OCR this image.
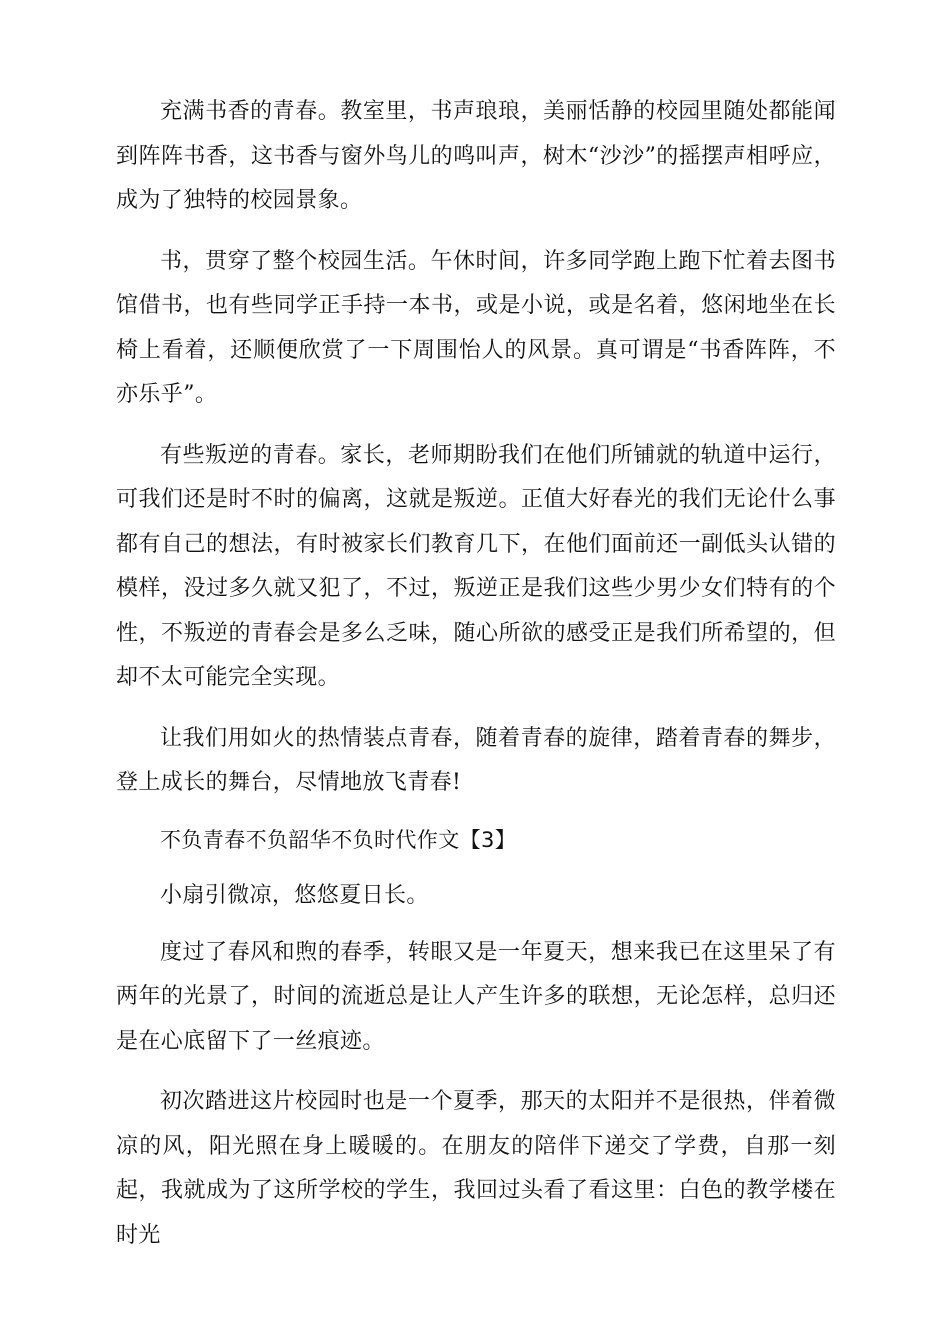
充满书香的青春。教室里，书声琅琅，美丽恬静的校园里随处都能闻到阵阵书香，这书香与窗外鸟儿的鸣叫声，树木“沙沙”的摇摆声相呼应，成为了独特的校园景象。

书，贯穿了整个校园生活。午休时间，许多同学跑上跑下忙着去图书馆借书，也有些同学正手持一本书，或是小说，或是名着，悠闲地坐在长椅上看着，还顺便欣赏了一下周围怡人的风景。真可谓是“书香阵阵，不亦乐乎”。

有些叛逆的青春。家长，老师期盼我们在他们所铺就的轨道中运行，可我们还是时不时的偏离，这就是叛逆。正值大好春光的我们无论什么事都有自己的想法，有时被家长们教育几下，在他们面前还一副低头认错的模样，没过多久就又犯了，不过，叛逆正是我们这些少男少女们特有的个性，不叛逆的青春会是多么乏味，随心所欲的感受正是我们所希望的，但却不太可能完全实现。

让我们用如火的热情装点青春，随着青春的旋律，踏着青春的舞步，登上成长的舞台，尽情地放飞青春!

不负青春不负韶华不负时代作文【3】

小扇引微凉，悠悠夏日长。

度过了春风和煦的春季，转眼又是一年夏天，想来我已在这里呆了有两年的光景了，时间的流逝总是让人产生许多的联想，无论怎样，总归还是在心底留下了一丝痕迹。

初次踏进这片校园时也是一个夏季，那天的太阳并不是很热，伴着微凉的风，阳光照在身上暖暖的。在朋友的陪伴下递交了学费，自那一刻起，我就成为了这所学校的学生，我回过头看了看这里：白色的教学楼在时光
